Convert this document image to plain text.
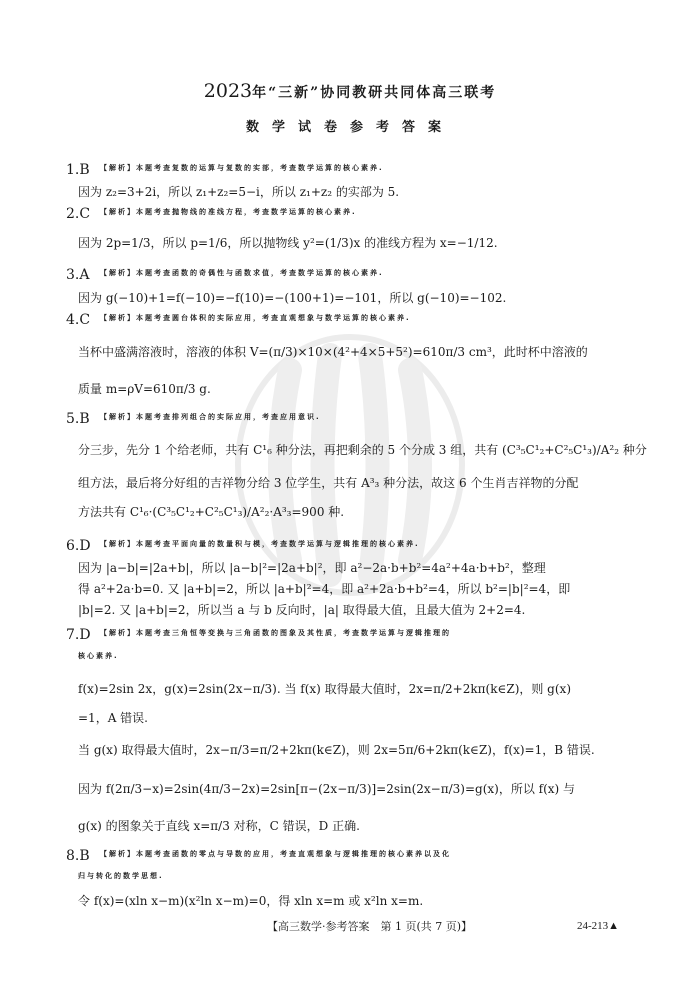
2023年“三新”协同教研共同体高三联考
数学试卷参考答案
1.B 【解析】本题考查复数的运算与复数的实部，考查数学运算的核心素养.
因为 z₂=3+2i，所以 z₁+z₂=5−i，所以 z₁+z₂ 的实部为 5.
2.C 【解析】本题考查抛物线的准线方程，考查数学运算的核心素养.
因为 2p=1/3，所以 p=1/6，所以抛物线 y²=(1/3)x 的准线方程为 x=−1/12.
3.A 【解析】本题考查函数的奇偶性与函数求值，考查数学运算的核心素养.
因为 g(−10)+1=f(−10)=−f(10)=−(100+1)=−101，所以 g(−10)=−102.
4.C 【解析】本题考查圆台体积的实际应用，考查直观想象与数学运算的核心素养.
当杯中盛满溶液时，溶液的体积 V=(π/3)×10×(4²+4×5+5²)=610π/3 cm³，此时杯中溶液的
质量 m=ρV=610π/3 g.
5.B 【解析】本题考查排列组合的实际应用，考查应用意识.
分三步，先分 1 个给老师，共有 C¹₆ 种分法，再把剩余的 5 个分成 3 组，共有 (C³₅C¹₂+C²₅C¹₃)/A²₂ 种分
组方法，最后将分好组的吉祥物分给 3 位学生，共有 A³₃ 种分法，故这 6 个生肖吉祥物的分配
方法共有 C¹₆·(C³₅C¹₂+C²₅C¹₃)/A²₂·A³₃=900 种.
6.D 【解析】本题考查平面向量的数量积与模，考查数学运算与逻辑推理的核心素养.
因为 |a−b|=|2a+b|，所以 |a−b|²=|2a+b|²，即 a²−2a·b+b²=4a²+4a·b+b²，整理
得 a²+2a·b=0. 又 |a+b|=2，所以 |a+b|²=4，即 a²+2a·b+b²=4，所以 b²=|b|²=4，即
|b|=2. 又 |a+b|=2，所以当 a 与 b 反向时，|a| 取得最大值，且最大值为 2+2=4.
7.D 【解析】本题考查三角恒等变换与三角函数的图象及其性质，考查数学运算与逻辑推理的
核心素养.
f(x)=2sin 2x，g(x)=2sin(2x−π/3). 当 f(x) 取得最大值时，2x=π/2+2kπ(k∈Z)，则 g(x)
=1，A 错误.
当 g(x) 取得最大值时，2x−π/3=π/2+2kπ(k∈Z)，则 2x=5π/6+2kπ(k∈Z)，f(x)=1，B 错误.
因为 f(2π/3−x)=2sin(4π/3−2x)=2sin[π−(2x−π/3)]=2sin(2x−π/3)=g(x)，所以 f(x) 与
g(x) 的图象关于直线 x=π/3 对称，C 错误，D 正确.
8.B 【解析】本题考查函数的零点与导数的应用，考查直观想象与逻辑推理的核心素养以及化
归与转化的数学思想.
令 f(x)=(xln x−m)(x²ln x−m)=0，得 xln x=m 或 x²ln x=m.
【高三数学·参考答案　第 1 页(共 7 页)】	24-213▲
